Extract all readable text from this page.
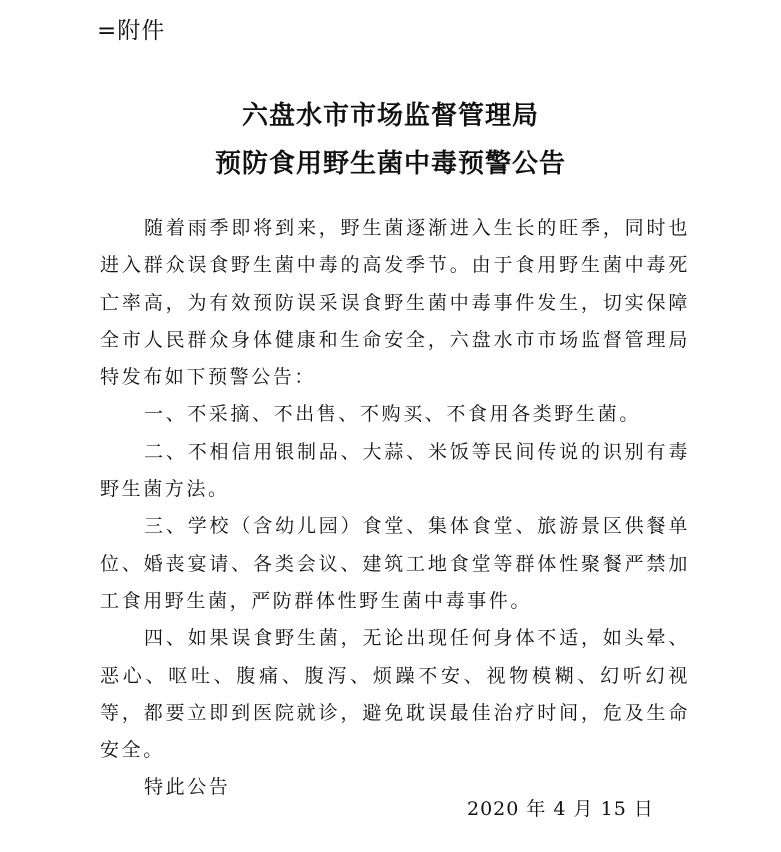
=附件
六盘水市市场监督管理局
预防食用野生菌中毒预警公告

随着雨季即将到来，野生菌逐渐进入生长的旺季，同时也进入群众误食野生菌中毒的高发季节。由于食用野生菌中毒死亡率高，为有效预防误采误食野生菌中毒事件发生，切实保障全市人民群众身体健康和生命安全，六盘水市市场监督管理局特发布如下预警公告：

一、不采摘、不出售、不购买、不食用各类野生菌。

二、不相信用银制品、大蒜、米饭等民间传说的识别有毒野生菌方法。

三、学校（含幼儿园）食堂、集体食堂、旅游景区供餐单位、婚丧宴请、各类会议、建筑工地食堂等群体性聚餐严禁加工食用野生菌，严防群体性野生菌中毒事件。

四、如果误食野生菌，无论出现任何身体不适，如头晕、恶心、呕吐、腹痛、腹泻、烦躁不安、视物模糊、幻听幻视等，都要立即到医院就诊，避免耽误最佳治疗时间，危及生命安全。

特此公告

2020 年 4 月 15 日
